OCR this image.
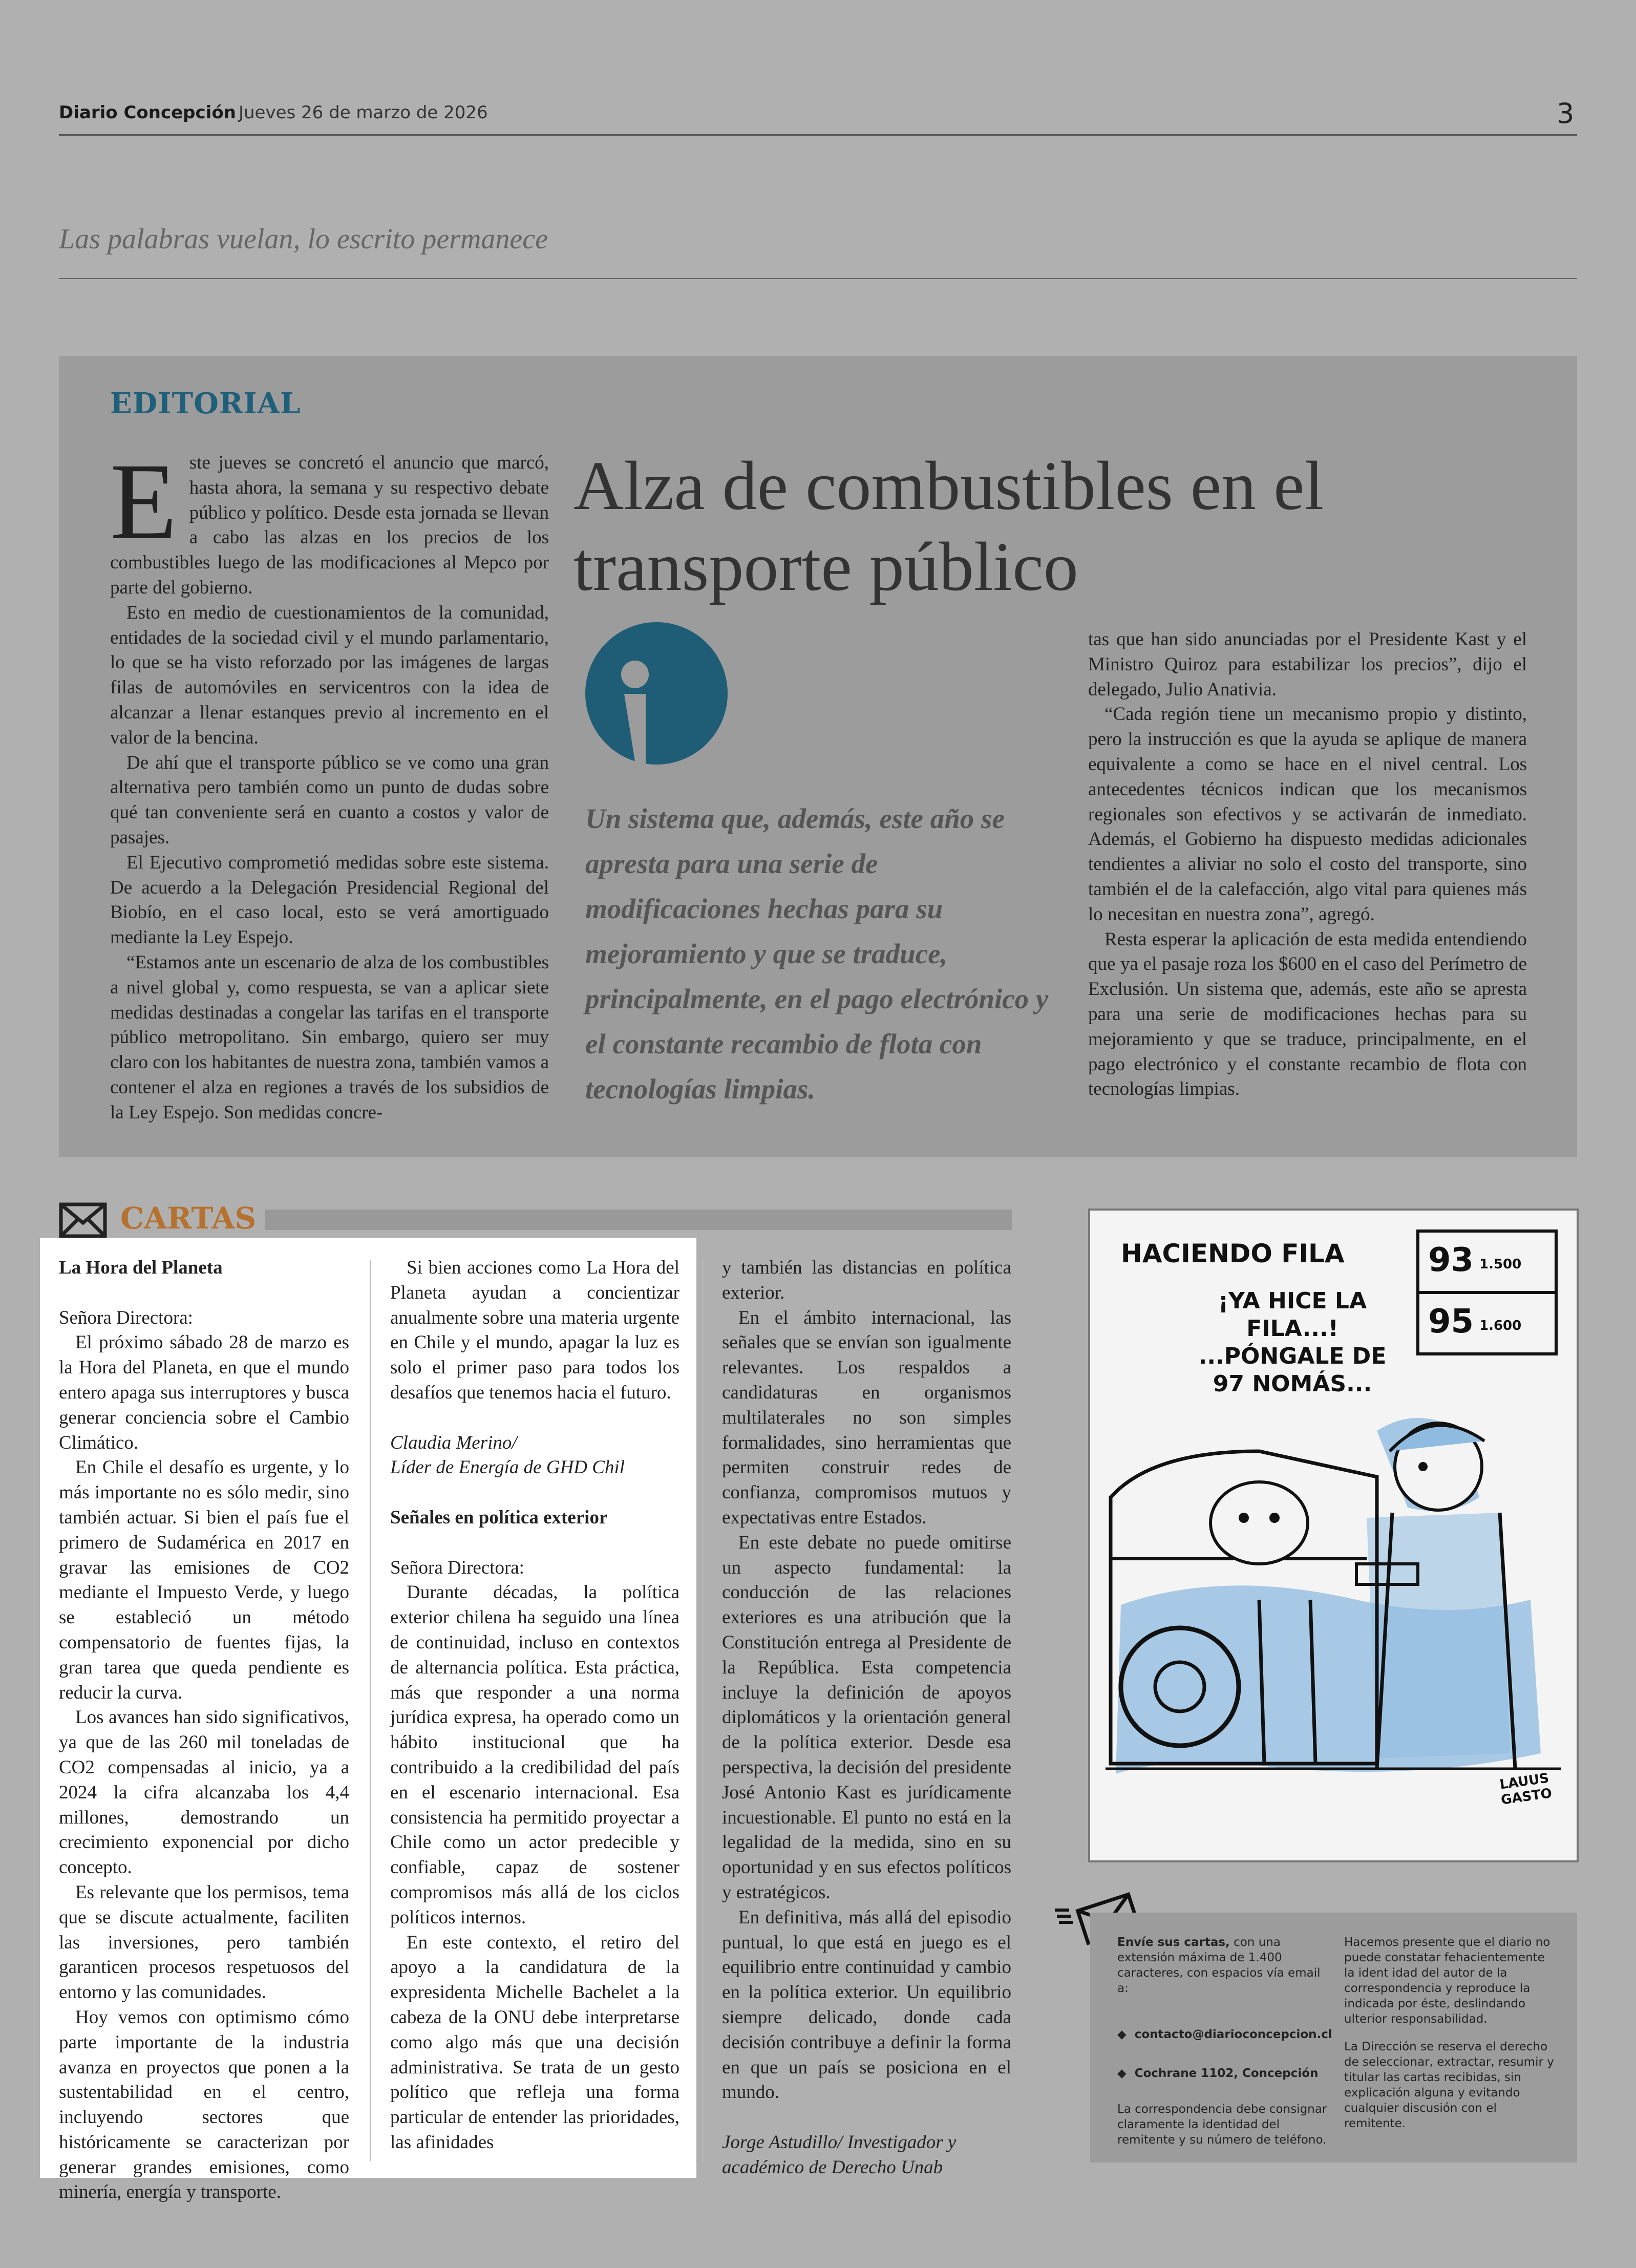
Diario Concepción Jueves 26 de marzo de 2026	3
Las palabras vuelan, lo escrito permanece
EDITORIAL
E ste jueves se concretó el anuncio que marcó, hasta ahora, la semana y su respectivo debate público y político. Desde esta jornada se llevan a cabo las alzas en los precios de los combustibles luego de las modificaciones al Mepco por parte del gobierno.

Esto en medio de cuestionamientos de la comunidad, entidades de la sociedad civil y el mundo parlamentario, lo que se ha visto reforzado por las imágenes de largas filas de automóviles en servicentros con la idea de alcanzar a llenar estanques previo al incremento en el valor de la bencina.

De ahí que el transporte público se ve como una gran alternativa pero también como un punto de dudas sobre qué tan conveniente será en cuanto a costos y valor de pasajes.

El Ejecutivo comprometió medidas sobre este sistema. De acuerdo a la Delegación Presidencial Regional del Biobío, en el caso local, esto se verá amortiguado mediante la Ley Espejo.

“Estamos ante un escenario de alza de los combustibles a nivel global y, como respuesta, se van a aplicar siete medidas destinadas a congelar las tarifas en el transporte público metropolitano. Sin embargo, quiero ser muy claro con los habitantes de nuestra zona, también vamos a contener el alza en regiones a través de los subsidios de la Ley Espejo. Son medidas concre-

Alza de combustibles en el transporte público
Un sistema que, además, este año se apresta para una serie de modificaciones hechas para su mejoramiento y que se traduce, principalmente, en el pago electrónico y el constante recambio de flota con tecnologías limpias.

tas que han sido anunciadas por el Presidente Kast y el Ministro Quiroz para estabilizar los precios”, dijo el delegado, Julio Anativia.

“Cada región tiene un mecanismo propio y distinto, pero la instrucción es que la ayuda se aplique de manera equivalente a como se hace en el nivel central. Los antecedentes técnicos indican que los mecanismos regionales son efectivos y se activarán de inmediato. Además, el Gobierno ha dispuesto medidas adicionales tendientes a aliviar no solo el costo del transporte, sino también el de la calefacción, algo vital para quienes más lo necesitan en nuestra zona”, agregó.

Resta esperar la aplicación de esta medida entendiendo que ya el pasaje roza los $600 en el caso del Perímetro de Exclusión. Un sistema que, además, este año se apresta para una serie de modificaciones hechas para su mejoramiento y que se traduce, principalmente, en el pago electrónico y el constante recambio de flota con tecnologías limpias.

CARTAS

La Hora del Planeta

Señora Directora:

El próximo sábado 28 de marzo es la Hora del Planeta, en que el mundo entero apaga sus interruptores y busca generar conciencia sobre el Cambio Climático.

En Chile el desafío es urgente, y lo más importante no es sólo medir, sino también actuar. Si bien el país fue el primero de Sudamérica en 2017 en gravar las emisiones de CO2 mediante el Impuesto Verde, y luego se estableció un método compensatorio de fuentes fijas, la gran tarea que queda pendiente es reducir la curva.

Los avances han sido significativos, ya que de las 260 mil toneladas de CO2 compensadas al inicio, ya a 2024 la cifra alcanzaba los 4,4 millones, demostrando un crecimiento exponencial por dicho concepto.

Es relevante que los permisos, tema que se discute actualmente, faciliten las inversiones, pero también garanticen procesos respetuosos del entorno y las comunidades.

Hoy vemos con optimismo cómo parte importante de la industria avanza en proyectos que ponen a la sustentabilidad en el centro, incluyendo sectores que históricamente se caracterizan por generar grandes emisiones, como minería, energía y transporte.

Si bien acciones como La Hora del Planeta ayudan a concientizar anualmente sobre una materia urgente en Chile y el mundo, apagar la luz es solo el primer paso para todos los desafíos que tenemos hacia el futuro.

Claudia Merino/

Líder de Energía de GHD Chil

Señales en política exterior

Señora Directora:

Durante décadas, la política exterior chilena ha seguido una línea de continuidad, incluso en contextos de alternancia política. Esta práctica, más que responder a una norma jurídica expresa, ha operado como un hábito institucional que ha contribuido a la credibilidad del país en el escenario internacional. Esa consistencia ha permitido proyectar a Chile como un actor predecible y confiable, capaz de sostener compromisos más allá de los ciclos políticos internos.

En este contexto, el retiro del apoyo a la candidatura de la expresidenta Michelle Bachelet a la cabeza de la ONU debe interpretarse como algo más que una decisión administrativa. Se trata de un gesto político que refleja una forma particular de entender las prioridades, las afinidades

y también las distancias en política exterior.

En el ámbito internacional, las señales que se envían son igualmente relevantes. Los respaldos a candidaturas en organismos multilaterales no son simples formalidades, sino herramientas que permiten construir redes de confianza, compromisos mutuos y expectativas entre Estados.

En este debate no puede omitirse un aspecto fundamental: la conducción de las relaciones exteriores es una atribución que la Constitución entrega al Presidente de la República. Esta competencia incluye la definición de apoyos diplomáticos y la orientación general de la política exterior. Desde esa perspectiva, la decisión del presidente José Antonio Kast es jurídicamente incuestionable. El punto no está en la legalidad de la medida, sino en su oportunidad y en sus efectos políticos y estratégicos.

En definitiva, más allá del episodio puntual, lo que está en juego es el equilibrio entre continuidad y cambio en la política exterior. Un equilibrio siempre delicado, donde cada decisión contribuye a definir la forma en que un país se posiciona en el mundo.

Jorge Astudillo/ Investigador y académico de Derecho Unab

HACIENDO FILA
¡YA HICE LA FILA...!
...PÓNGALE DE 97 NOMÁS...
93 1.500
95 1.600
LAUUS GASTO
Envíe sus cartas, con una extensión máxima de 1.400 caracteres, con espacios vía email a:
◆  contacto@diarioconcepcion.cl
◆  Cochrane 1102, Concepción
La correspondencia debe consignar claramente la identidad del remitente y su número de teléfono.
Hacemos presente que el diario no puede constatar fehacientemente la ident idad del autor de la correspondencia y reproduce la indicada por éste, deslindando ulterior responsabilidad.
La Dirección se reserva el derecho de seleccionar, extractar, resumir y titular las cartas recibidas, sin explicación alguna y evitando cualquier discusión con el remitente.
